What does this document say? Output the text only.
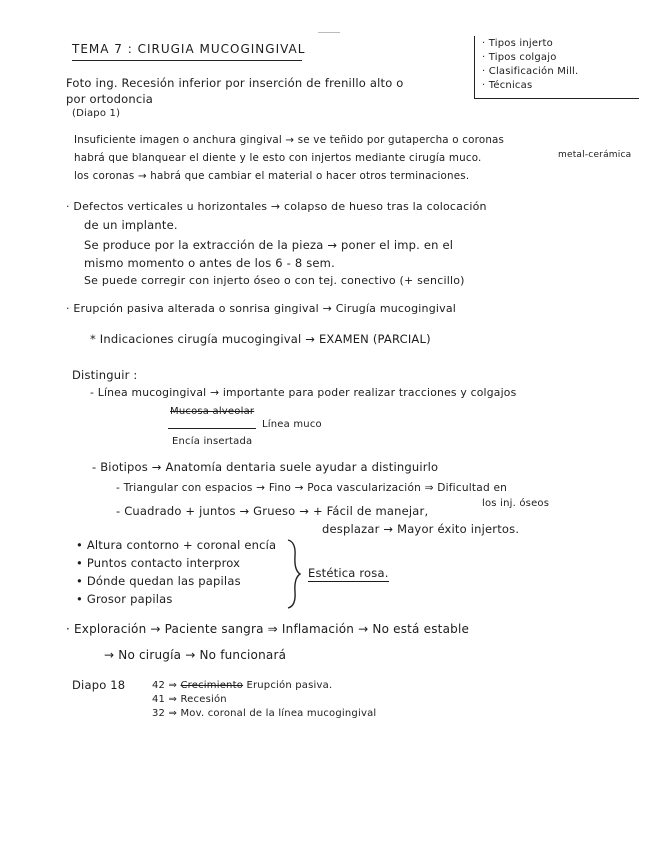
TEMA 7 : CIRUGIA MUCOGINGIVAL	· Tipos injerto
· Tipos colgajo
· Clasificación Mill.
· Técnicas
Foto ing. Recesión inferior por inserción de frenillo alto o
por ortodoncia
(Diapo 1)
Insuficiente imagen o anchura gingival → se ve teñido por gutapercha o coronas
metal-cerámica
habrá que blanquear el diente y le esto con injertos mediante cirugía muco.
los coronas → habrá que cambiar el material o hacer otros terminaciones.
· Defectos verticales u horizontales → colapso de hueso tras la colocación
de un implante.
Se produce por la extracción de la pieza → poner el imp. en el
mismo momento o antes de los 6 - 8 sem.
Se puede corregir con injerto óseo o con tej. conectivo (+ sencillo)
· Erupción pasiva alterada o sonrisa gingival → Cirugía mucogingival
* Indicaciones cirugía mucogingival → EXAMEN (PARCIAL)
Distinguir :
- Línea mucogingival → importante para poder realizar tracciones y colgajos
Mucosa alveolar
Línea muco
Encía insertada
- Biotipos → Anatomía dentaria suele ayudar a distinguirlo
- Triangular con espacios → Fino → Poca vascularización ⇒ Dificultad en
los inj. óseos
- Cuadrado + juntos → Grueso → + Fácil de manejar,
desplazar → Mayor éxito injertos.
• Altura contorno + coronal encía
• Puntos contacto interprox
• Dónde quedan las papilas
• Grosor papilas
Estética rosa.
· Exploración → Paciente sangra ⇒ Inflamación → No está estable
→ No cirugía → No funcionará
Diapo 18	42 ⇒ Crecimiento Erupción pasiva.
41 ⇒ Recesión
32 ⇒ Mov. coronal de la línea mucogingival
